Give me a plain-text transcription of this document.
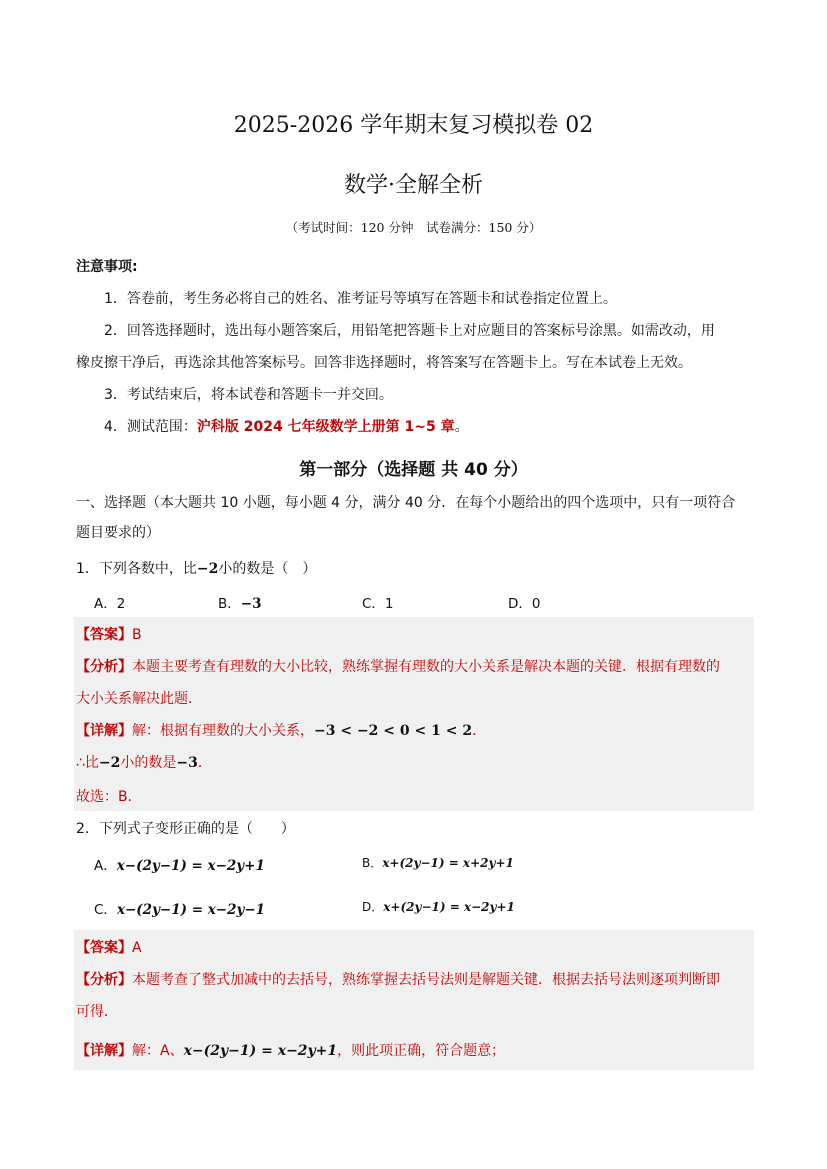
2025-2026 学年期末复习模拟卷 02
数学·全解全析
（考试时间：120 分钟　试卷满分：150 分）
注意事项:
1．答卷前，考生务必将自己的姓名、准考证号等填写在答题卡和试卷指定位置上。
2．回答选择题时，选出每小题答案后，用铅笔把答题卡上对应题目的答案标号涂黑。如需改动，用
橡皮擦干净后，再选涂其他答案标号。回答非选择题时，将答案写在答题卡上。写在本试卷上无效。
3．考试结束后，将本试卷和答题卡一并交回。
4．测试范围：沪科版 2024 七年级数学上册第 1~5 章。
第一部分（选择题 共 40 分）
一、选择题（本大题共 10 小题，每小题 4 分，满分 40 分．在每个小题给出的四个选项中，只有一项符合
题目要求的）
1．下列各数中，比−2小的数是（　）
A．2	B．−3	C．1	D．0
【答案】B
【分析】本题主要考查有理数的大小比较，熟练掌握有理数的大小关系是解决本题的关键．根据有理数的
大小关系解决此题．
【详解】解：根据有理数的大小关系，−3 < −2 < 0 < 1 < 2．
∴比−2小的数是−3．
故选：B．
2．下列式子变形正确的是（　　）
A．x−(2y−1) = x−2y+1	B．x+(2y−1) = x+2y+1
C．x−(2y−1) = x−2y−1	D．x+(2y−1) = x−2y+1
【答案】A
【分析】本题考查了整式加减中的去括号，熟练掌握去括号法则是解题关键．根据去括号法则逐项判断即
可得．
【详解】解：A、x−(2y−1) = x−2y+1，则此项正确，符合题意；
